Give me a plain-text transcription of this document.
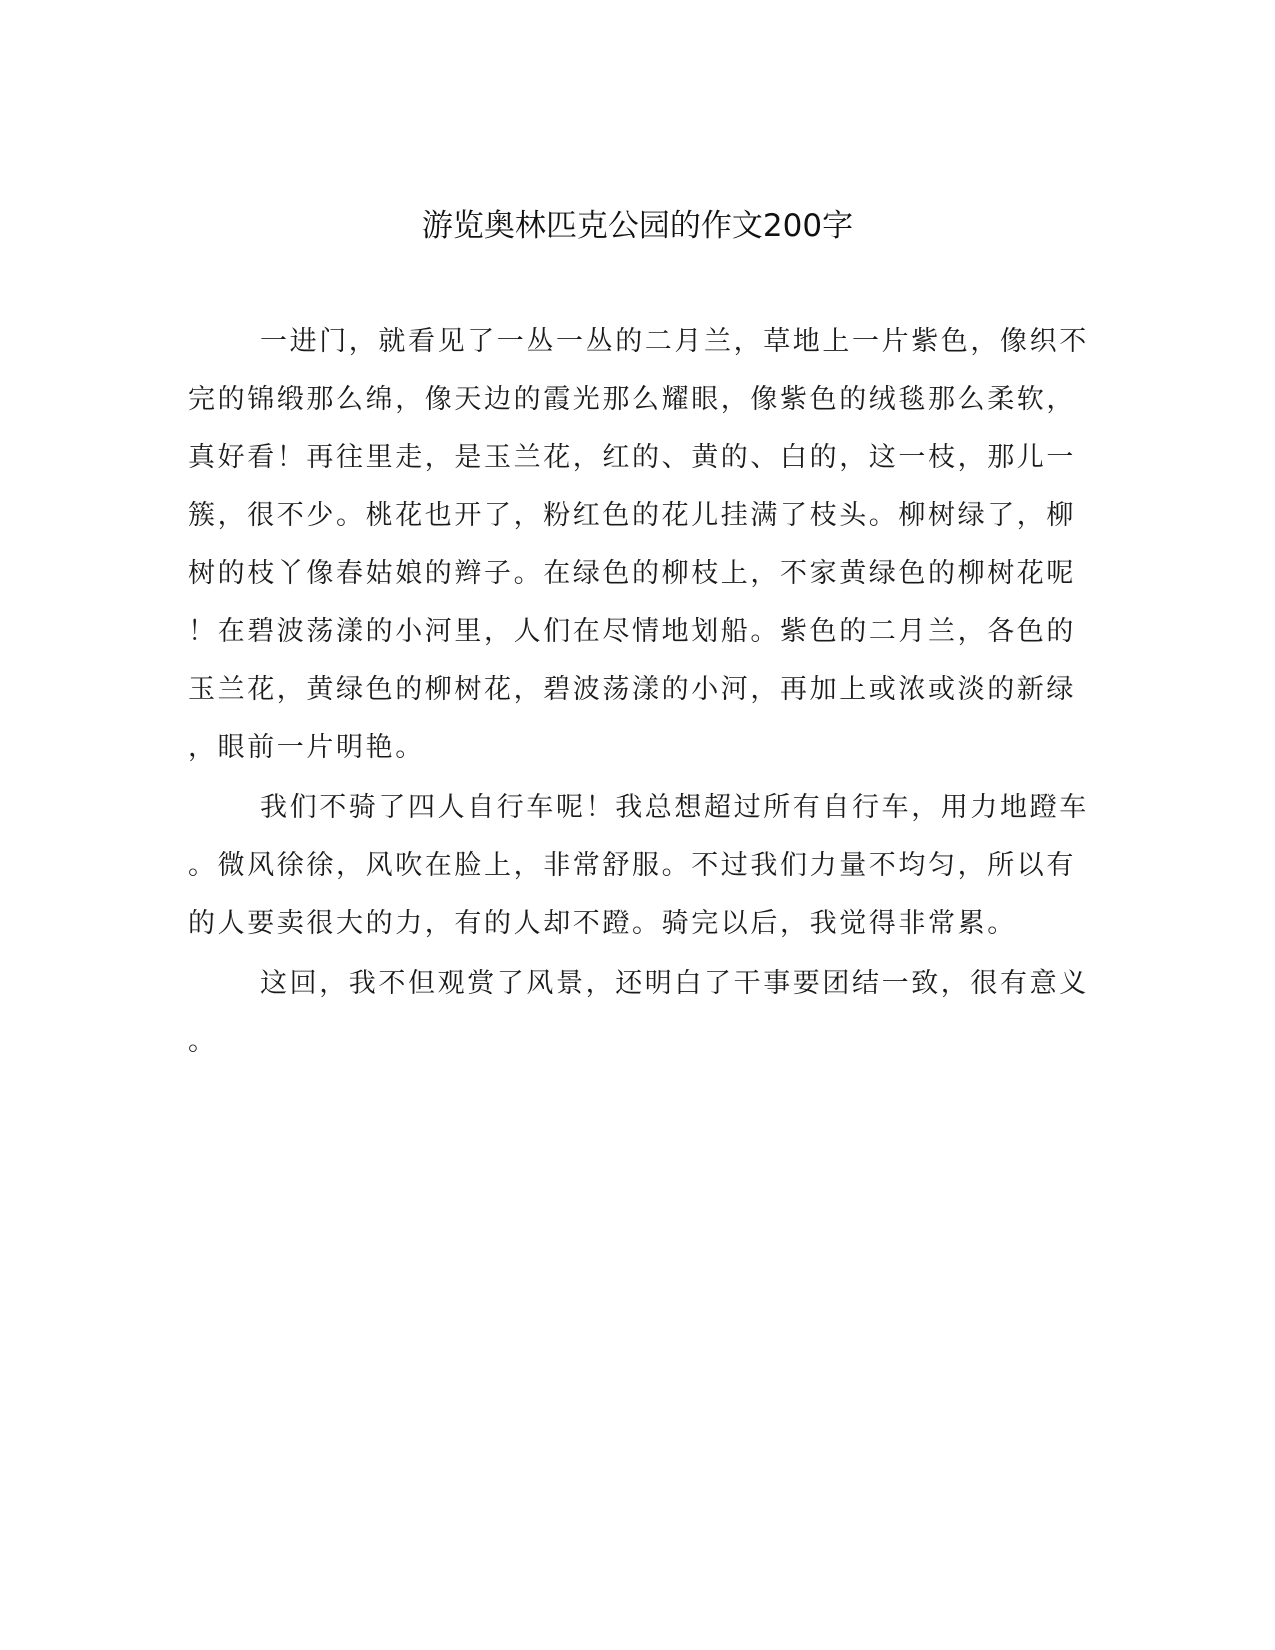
游览奥林匹克公园的作文200字
一进门，就看见了一丛一丛的二月兰，草地上一片紫色，像织不
完的锦缎那么绵，像天边的霞光那么耀眼，像紫色的绒毯那么柔软，
真好看！再往里走，是玉兰花，红的、黄的、白的，这一枝，那儿一
簇，很不少。桃花也开了，粉红色的花儿挂满了枝头。柳树绿了，柳
树的枝丫像春姑娘的辫子。在绿色的柳枝上，不家黄绿色的柳树花呢
！在碧波荡漾的小河里，人们在尽情地划船。紫色的二月兰，各色的
玉兰花，黄绿色的柳树花，碧波荡漾的小河，再加上或浓或淡的新绿
，眼前一片明艳。
我们不骑了四人自行车呢！我总想超过所有自行车，用力地蹬车
。微风徐徐，风吹在脸上，非常舒服。不过我们力量不均匀，所以有
的人要卖很大的力，有的人却不蹬。骑完以后，我觉得非常累。
这回，我不但观赏了风景，还明白了干事要团结一致，很有意义
。
